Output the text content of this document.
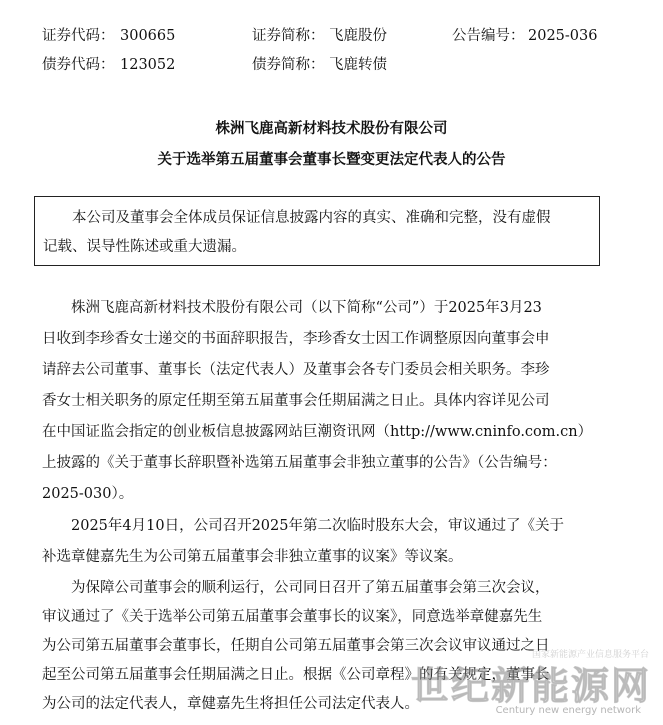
证券代码： 300665	证券简称： 飞鹿股份	公告编号： 2025-036
债券代码： 123052	债券简称： 飞鹿转债
株洲飞鹿高新材料技术股份有限公司
关于选举第五届董事会董事长暨变更法定代表人的公告

本公司及董事会全体成员保证信息披露内容的真实、准确和完整，没有虚假

记载、误导性陈述或重大遗漏。

株洲飞鹿高新材料技术股份有限公司（以下简称“公司”）于2025年3月23
日收到李珍香女士递交的书面辞职报告，李珍香女士因工作调整原因向董事会申
请辞去公司董事、董事长（法定代表人）及董事会各专门委员会相关职务。李珍
香女士相关职务的原定任期至第五届董事会任期届满之日止。具体内容详见公司
在中国证监会指定的创业板信息披露网站巨潮资讯网（http://www.cninfo.com.cn）
上披露的《关于董事长辞职暨补选第五届董事会非独立董事的公告》（公告编号：
2025-030）。
2025年4月10日，公司召开2025年第二次临时股东大会，审议通过了《关于
补选章健嘉先生为公司第五届董事会非独立董事的议案》等议案。
为保障公司董事会的顺利运行，公司同日召开了第五届董事会第三次会议，
审议通过了《关于选举公司第五届董事会董事长的议案》，同意选举章健嘉先生
为公司第五届董事会董事长，任期自公司第五届董事会第三次会议审议通过之日
起至公司第五届董事会任期届满之日止。根据《公司章程》的有关规定，董事长
为公司的法定代表人，章健嘉先生将担任公司法定代表人。
国家新能源产业信息服务平台
世纪新能源网
Century new energy network
